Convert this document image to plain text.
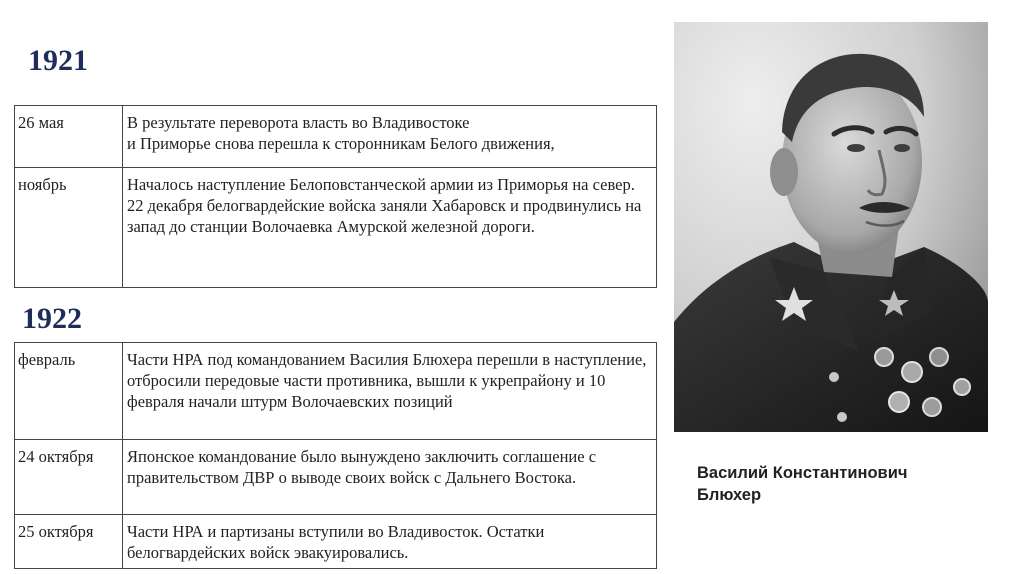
1921
26 мая	В результате переворота власть во Владивостоке
и Приморье снова перешла к сторонникам Белого движения,
ноябрь	Началось наступление Белоповстанческой армии из Приморья на север. 22 декабря белогвардейские войска заняли Хабаровск и продвинулись на запад до станции Волочаевка Амурской железной дороги.
1922
февраль	Части НРА под командованием Василия Блюхера перешли в наступление, отбросили передовые части противника, вышли к укрепрайону и 10 февраля начали штурм Волочаевских позиций
24 октября	Японское командование было вынуждено заключить соглашение с правительством ДВР о выводе своих войск с Дальнего Востока.
25 октября	Части НРА и партизаны вступили во Владивосток. Остатки белогвардейских войск эвакуировались.
Василий Константинович
Блюхер
